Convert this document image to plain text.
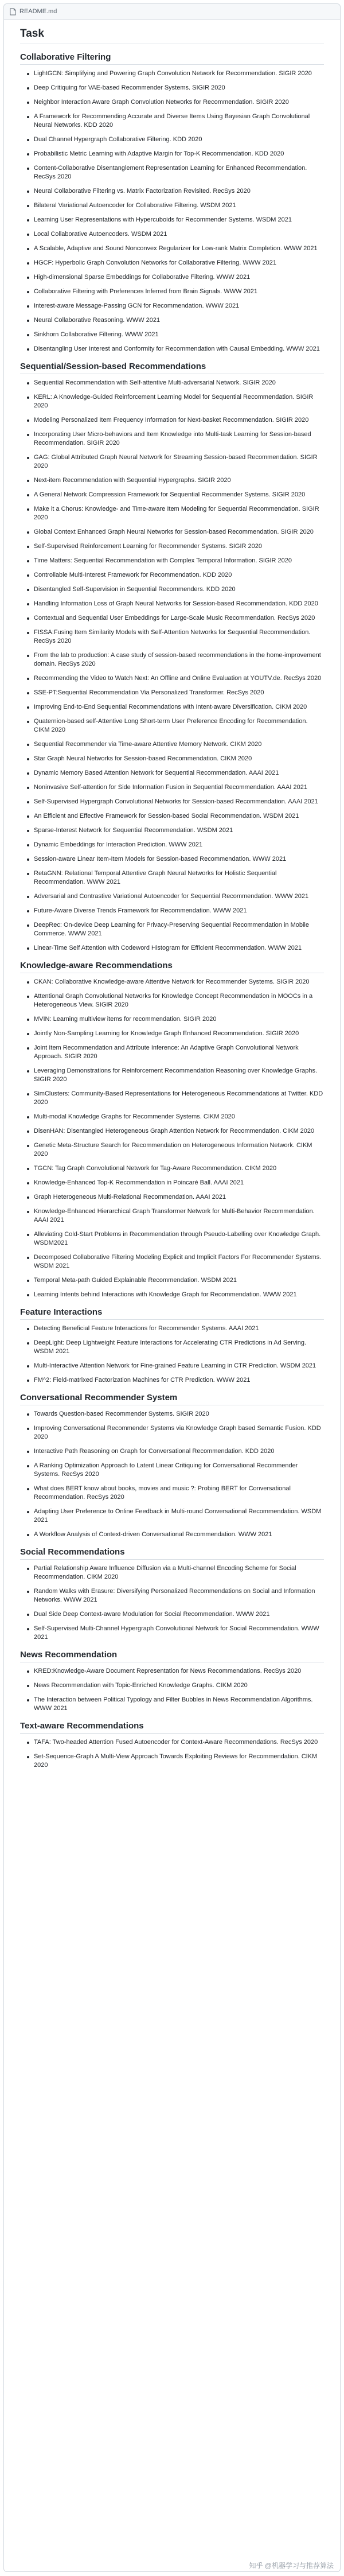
README.md
Task
Collaborative Filtering
LightGCN: Simplifying and Powering Graph Convolution Network for Recommendation. SIGIR 2020
Deep Critiquing for VAE-based Recommender Systems. SIGIR 2020
Neighbor Interaction Aware Graph Convolution Networks for Recommendation. SIGIR 2020
A Framework for Recommending Accurate and Diverse Items Using Bayesian Graph Convolutional Neural Networks. KDD 2020
Dual Channel Hypergraph Collaborative Filtering. KDD 2020
Probabilistic Metric Learning with Adaptive Margin for Top-K Recommendation. KDD 2020
Content-Collaborative Disentanglement Representation Learning for Enhanced Recommendation. RecSys 2020
Neural Collaborative Filtering vs. Matrix Factorization Revisited. RecSys 2020
Bilateral Variational Autoencoder for Collaborative Filtering. WSDM 2021
Learning User Representations with Hypercuboids for Recommender Systems. WSDM 2021
Local Collaborative Autoencoders. WSDM 2021
A Scalable, Adaptive and Sound Nonconvex Regularizer for Low-rank Matrix Completion. WWW 2021
HGCF: Hyperbolic Graph Convolution Networks for Collaborative Filtering. WWW 2021
High-dimensional Sparse Embeddings for Collaborative Filtering. WWW 2021
Collaborative Filtering with Preferences Inferred from Brain Signals. WWW 2021
Interest-aware Message-Passing GCN for Recommendation. WWW 2021
Neural Collaborative Reasoning. WWW 2021
Sinkhorn Collaborative Filtering. WWW 2021
Disentangling User Interest and Conformity for Recommendation with Causal Embedding. WWW 2021
Sequential/Session-based Recommendations
Sequential Recommendation with Self-attentive Multi-adversarial Network. SIGIR 2020
KERL: A Knowledge-Guided Reinforcement Learning Model for Sequential Recommendation. SIGIR 2020
Modeling Personalized Item Frequency Information for Next-basket Recommendation. SIGIR 2020
Incorporating User Micro-behaviors and Item Knowledge into Multi-task Learning for Session-based Recommendation. SIGIR 2020
GAG: Global Attributed Graph Neural Network for Streaming Session-based Recommendation. SIGIR 2020
Next-item Recommendation with Sequential Hypergraphs. SIGIR 2020
A General Network Compression Framework for Sequential Recommender Systems. SIGIR 2020
Make it a Chorus: Knowledge- and Time-aware Item Modeling for Sequential Recommendation. SIGIR 2020
Global Context Enhanced Graph Neural Networks for Session-based Recommendation. SIGIR 2020
Self-Supervised Reinforcement Learning for Recommender Systems. SIGIR 2020
Time Matters: Sequential Recommendation with Complex Temporal Information. SIGIR 2020
Controllable Multi-Interest Framework for Recommendation. KDD 2020
Disentangled Self-Supervision in Sequential Recommenders. KDD 2020
Handling Information Loss of Graph Neural Networks for Session-based Recommendation. KDD 2020
Contextual and Sequential User Embeddings for Large-Scale Music Recommendation. RecSys 2020
FISSA:Fusing Item Similarity Models with Self-Attention Networks for Sequential Recommendation. RecSys 2020
From the lab to production: A case study of session-based recommendations in the home-improvement domain. RecSys 2020
Recommending the Video to Watch Next: An Offline and Online Evaluation at YOUTV.de. RecSys 2020
SSE-PT:Sequential Recommendation Via Personalized Transformer. RecSys 2020
Improving End-to-End Sequential Recommendations with Intent-aware Diversification. CIKM 2020
Quaternion-based self-Attentive Long Short-term User Preference Encoding for Recommendation. CIKM 2020
Sequential Recommender via Time-aware Attentive Memory Network. CIKM 2020
Star Graph Neural Networks for Session-based Recommendation. CIKM 2020
Dynamic Memory Based Attention Network for Sequential Recommendation. AAAI 2021
Noninvasive Self-attention for Side Information Fusion in Sequential Recommendation. AAAI 2021
Self-Supervised Hypergraph Convolutional Networks for Session-based Recommendation. AAAI 2021
An Efficient and Effective Framework for Session-based Social Recommendation. WSDM 2021
Sparse-Interest Network for Sequential Recommendation. WSDM 2021
Dynamic Embeddings for Interaction Prediction. WWW 2021
Session-aware Linear Item-Item Models for Session-based Recommendation. WWW 2021
RetaGNN: Relational Temporal Attentive Graph Neural Networks for Holistic Sequential Recommendation. WWW 2021
Adversarial and Contrastive Variational Autoencoder for Sequential Recommendation. WWW 2021
Future-Aware Diverse Trends Framework for Recommendation. WWW 2021
DeepRec: On-device Deep Learning for Privacy-Preserving Sequential Recommendation in Mobile Commerce. WWW 2021
Linear-Time Self Attention with Codeword Histogram for Efficient Recommendation. WWW 2021
Knowledge-aware Recommendations
CKAN: Collaborative Knowledge-aware Attentive Network for Recommender Systems. SIGIR 2020
Attentional Graph Convolutional Networks for Knowledge Concept Recommendation in MOOCs in a Heterogeneous View. SIGIR 2020
MVIN: Learning multiview items for recommendation. SIGIR 2020
Jointly Non-Sampling Learning for Knowledge Graph Enhanced Recommendation. SIGIR 2020
Joint Item Recommendation and Attribute Inference: An Adaptive Graph Convolutional Network Approach. SIGIR 2020
Leveraging Demonstrations for Reinforcement Recommendation Reasoning over Knowledge Graphs. SIGIR 2020
SimClusters: Community-Based Representations for Heterogeneous Recommendations at Twitter. KDD 2020
Multi-modal Knowledge Graphs for Recommender Systems. CIKM 2020
DisenHAN: Disentangled Heterogeneous Graph Attention Network for Recommendation. CIKM 2020
Genetic Meta-Structure Search for Recommendation on Heterogeneous Information Network. CIKM 2020
TGCN: Tag Graph Convolutional Network for Tag-Aware Recommendation. CIKM 2020
Knowledge-Enhanced Top-K Recommendation in Poincaré Ball. AAAI 2021
Graph Heterogeneous Multi-Relational Recommendation. AAAI 2021
Knowledge-Enhanced Hierarchical Graph Transformer Network for Multi-Behavior Recommendation. AAAI 2021
Alleviating Cold-Start Problems in Recommendation through Pseudo-Labelling over Knowledge Graph. WSDM2021
Decomposed Collaborative Filtering Modeling Explicit and Implicit Factors For Recommender Systems. WSDM 2021
Temporal Meta-path Guided Explainable Recommendation. WSDM 2021
Learning Intents behind Interactions with Knowledge Graph for Recommendation. WWW 2021
Feature Interactions
Detecting Beneficial Feature Interactions for Recommender Systems. AAAI 2021
DeepLight: Deep Lightweight Feature Interactions for Accelerating CTR Predictions in Ad Serving. WSDM 2021
Multi-Interactive Attention Network for Fine-grained Feature Learning in CTR Prediction. WSDM 2021
FM^2: Field-matrixed Factorization Machines for CTR Prediction. WWW 2021
Conversational Recommender System
Towards Question-based Recommender Systems. SIGIR 2020
Improving Conversational Recommender Systems via Knowledge Graph based Semantic Fusion. KDD 2020
Interactive Path Reasoning on Graph for Conversational Recommendation. KDD 2020
A Ranking Optimization Approach to Latent Linear Critiquing for Conversational Recommender Systems. RecSys 2020
What does BERT know about books, movies and music ?: Probing BERT for Conversational Recommendation. RecSys 2020
Adapting User Preference to Online Feedback in Multi-round Conversational Recommendation. WSDM 2021
A Workflow Analysis of Context-driven Conversational Recommendation. WWW 2021
Social Recommendations
Partial Relationship Aware Influence Diffusion via a Multi-channel Encoding Scheme for Social Recommendation. CIKM 2020
Random Walks with Erasure: Diversifying Personalized Recommendations on Social and Information Networks. WWW 2021
Dual Side Deep Context-aware Modulation for Social Recommendation. WWW 2021
Self-Supervised Multi-Channel Hypergraph Convolutional Network for Social Recommendation. WWW 2021
News Recommendation
KRED:Knowledge-Aware Document Representation for News Recommendations. RecSys 2020
News Recommendation with Topic-Enriched Knowledge Graphs. CIKM 2020
The Interaction between Political Typology and Filter Bubbles in News Recommendation Algorithms. WWW 2021
Text-aware Recommendations
TAFA: Two-headed Attention Fused Autoencoder for Context-Aware Recommendations. RecSys 2020
Set-Sequence-Graph A Multi-View Approach Towards Exploiting Reviews for Recommendation. CIKM 2020
知乎 @机器学习与推荐算法
